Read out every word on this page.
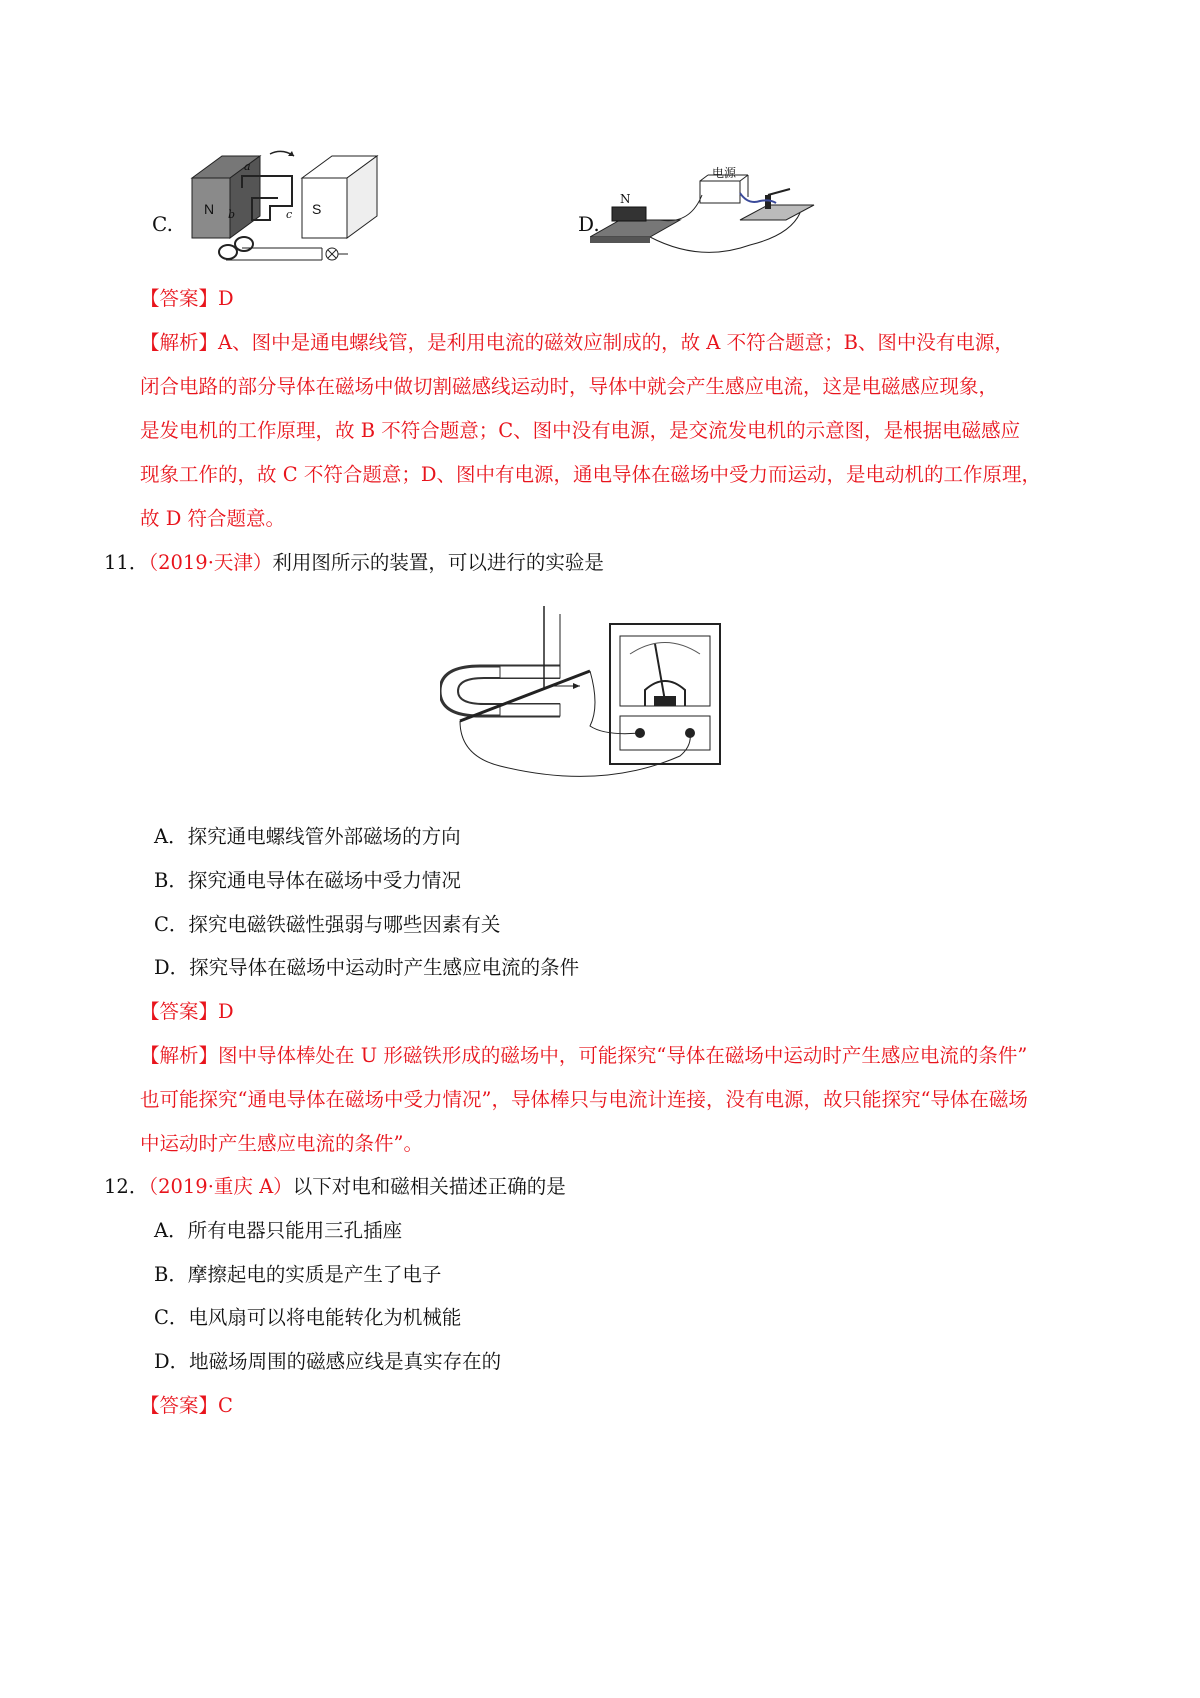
C.
N	S
a
b	c	D.
电源
N
【答案】D
【解析】A、图中是通电螺线管，是利用电流的磁效应制成的，故 A 不符合题意；B、图中没有电源，
闭合电路的部分导体在磁场中做切割磁感线运动时，导体中就会产生感应电流，这是电磁感应现象，
是发电机的工作原理，故 B 不符合题意；C、图中没有电源，是交流发电机的示意图，是根据电磁感应
现象工作的，故 C 不符合题意；D、图中有电源，通电导体在磁场中受力而运动，是电动机的工作原理，
故 D 符合题意。
11．（2019·天津）利用图所示的装置，可以进行的实验是
A．探究通电螺线管外部磁场的方向
B．探究通电导体在磁场中受力情况
C．探究电磁铁磁性强弱与哪些因素有关
D．探究导体在磁场中运动时产生感应电流的条件
【答案】D
【解析】图中导体棒处在 U 形磁铁形成的磁场中，可能探究“导体在磁场中运动时产生感应电流的条件”
也可能探究“通电导体在磁场中受力情况”，导体棒只与电流计连接，没有电源，故只能探究“导体在磁场
中运动时产生感应电流的条件”。
12．（2019·重庆 A）以下对电和磁相关描述正确的是
A．所有电器只能用三孔插座
B．摩擦起电的实质是产生了电子
C．电风扇可以将电能转化为机械能
D．地磁场周围的磁感应线是真实存在的
【答案】C
